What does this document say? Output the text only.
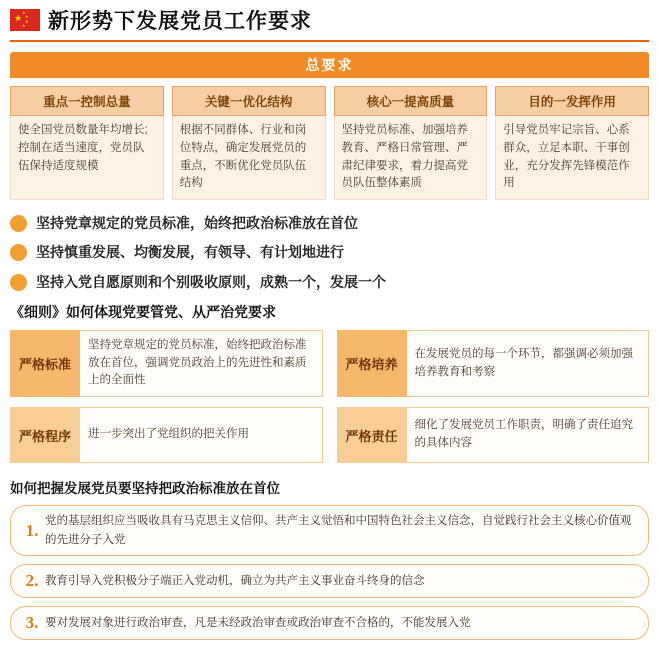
★
★
★
★
★ 新形势下发展党员工作要求
总要求
重点一控制总量
使全国党员数量年均增长;控制在适当速度，党员队伍保持适度规模
关键一优化结构
根据不同群体、行业和岗位特点，确定发展党员的重点，不断优化党员队伍结构
核心一提高质量
坚持党员标准、加强培养教育、严格日常管理、严肃纪律要求，着力提高党员队伍整体素质
目的一发挥作用
引导党员牢记宗旨、心系群众，立足本职、干事创业，充分发挥先锋模范作用
坚持党章规定的党员标准，始终把政治标准放在首位
坚持慎重发展、均衡发展，有领导、有计划地进行
坚持入党自愿原则和个别吸收原则，成熟一个，发展一个
《细则》如何体现党要管党、从严治党要求
严格标准
坚持党章规定的党员标准，始终把政治标准放在首位，强调党员政治上的先进性和素质上的全面性
严格培养
在发展党员的每一个环节，都强调必须加强培养教育和考察
严格程序	进一步突出了党组织的把关作用	严格责任
细化了发展党员工作职责，明确了责任追究的具体内容
如何把握发展党员要坚持把政治标准放在首位
1. 党的基层组织应当吸收具有马克思主义信仰、共产主义觉悟和中国特色社会主义信念，自觉践行社会主义核心价值观的先进分子入党
2. 教育引导入党积极分子端正入党动机，确立为共产主义事业奋斗终身的信念
3. 要对发展对象进行政治审查，凡是未经政治审查或政治审查不合格的，不能发展入党
